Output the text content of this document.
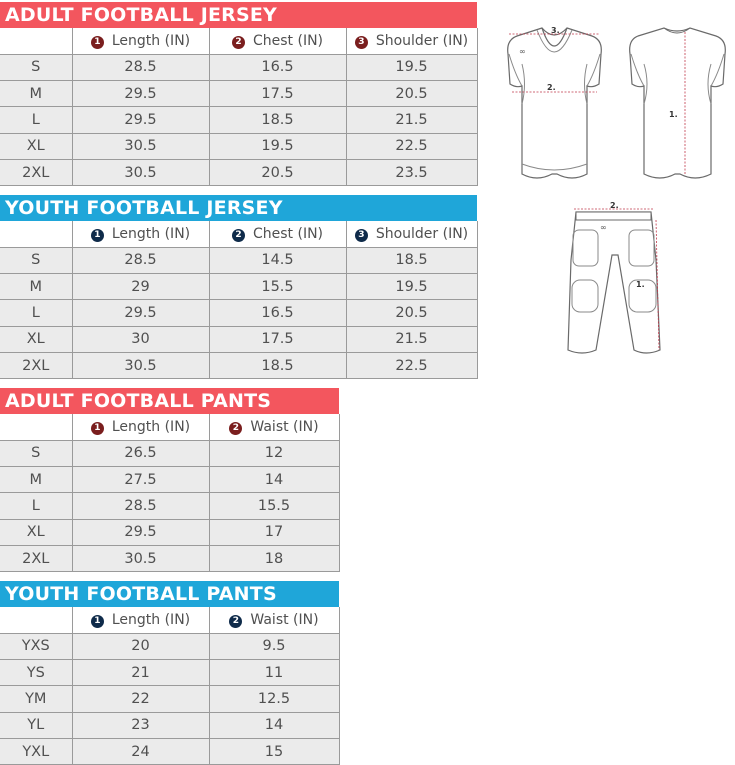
ADULT FOOTBALL JERSEY
	1 Length (IN)	2 Chest (IN)	3 Shoulder (IN)
S	28.5	16.5	19.5
M	29.5	17.5	20.5
L	29.5	18.5	21.5
XL	30.5	19.5	22.5
2XL	30.5	20.5	23.5
YOUTH FOOTBALL JERSEY
	1 Length (IN)	2 Chest (IN)	3 Shoulder (IN)
S	28.5	14.5	18.5
M	29	15.5	19.5
L	29.5	16.5	20.5
XL	30	17.5	21.5
2XL	30.5	18.5	22.5
ADULT FOOTBALL PANTS
	1 Length (IN)	2 Waist (IN)
S	26.5	12
M	27.5	14
L	28.5	15.5
XL	29.5	17
2XL	30.5	18
YOUTH FOOTBALL PANTS
	1 Length (IN)	2 Waist (IN)
YXS	20	9.5
YS	21	11
YM	22	12.5
YL	23	14
YXL	24	15
∞
3.
2.
1.
∞
2.
1.
